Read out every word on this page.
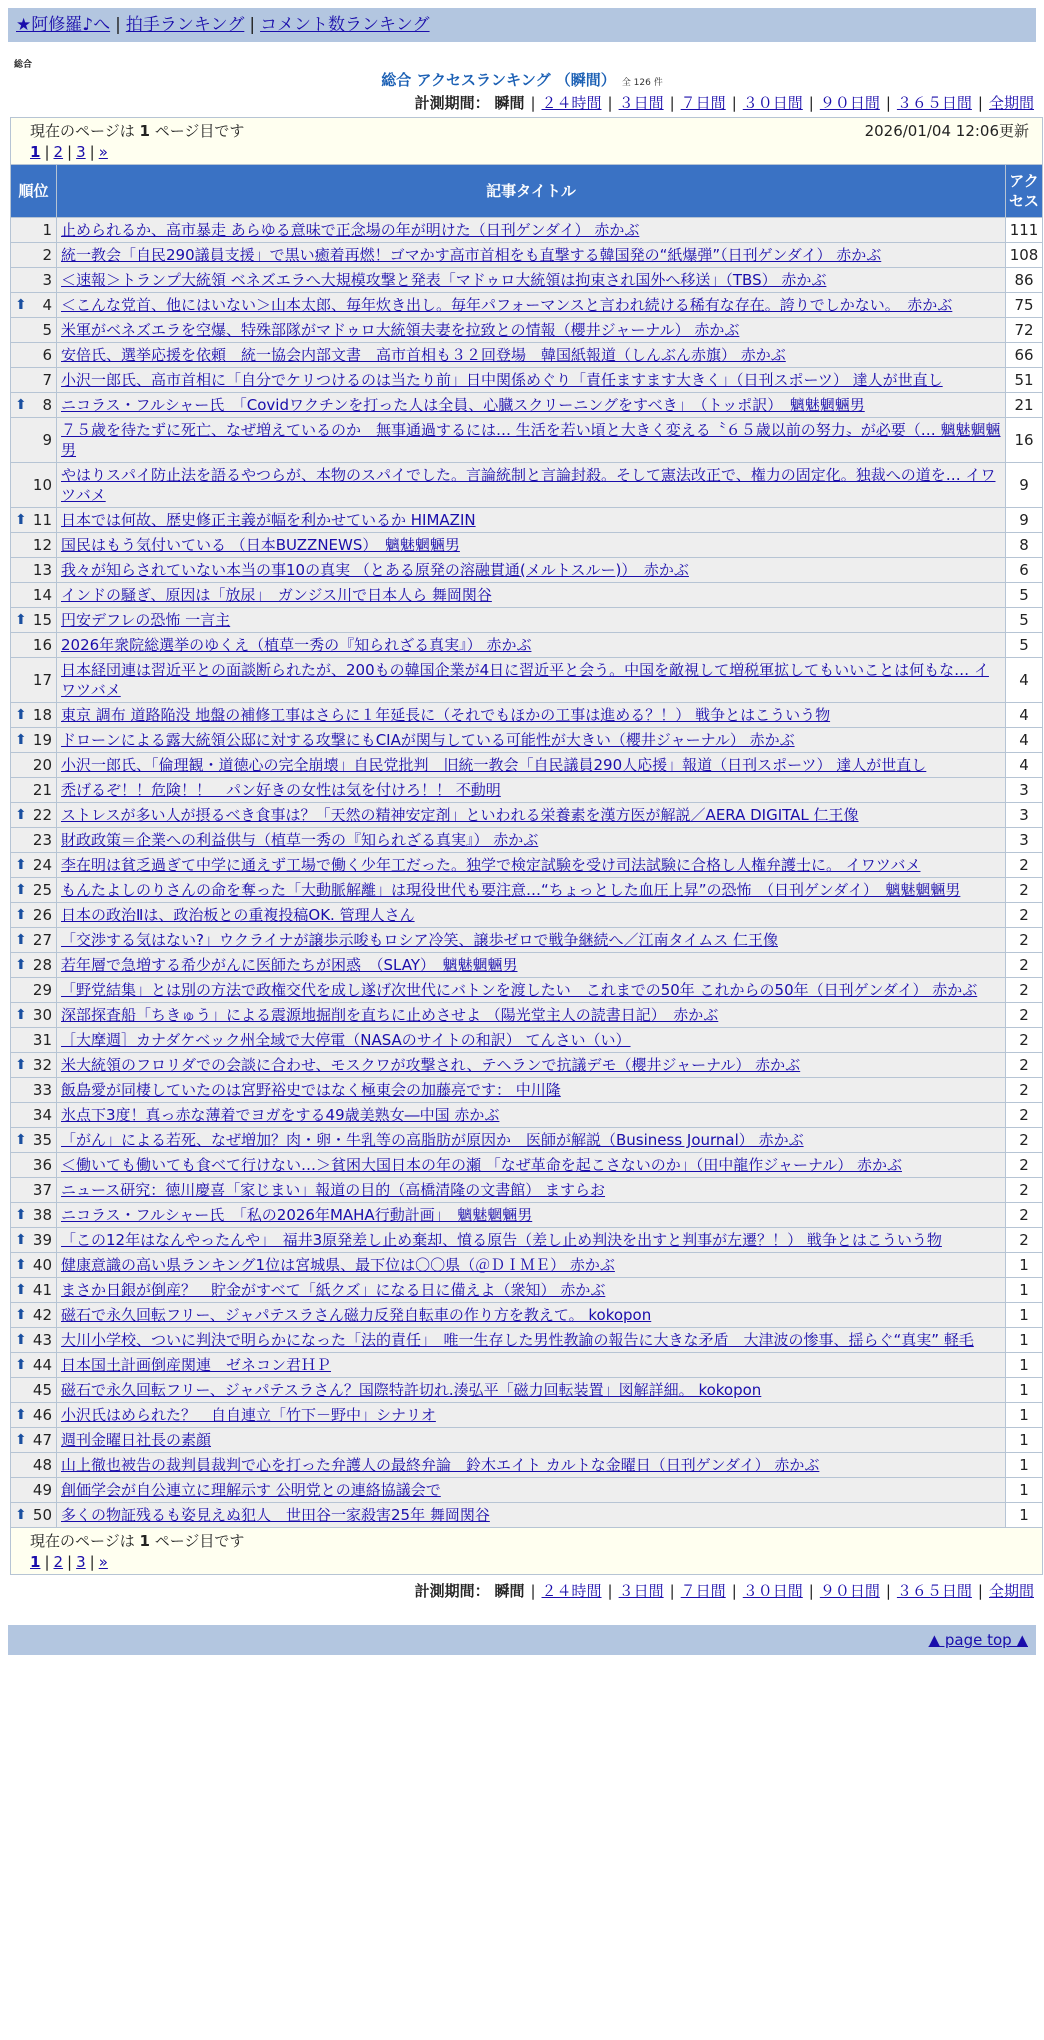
★阿修羅♪へ | 拍手ランキング | コメント数ランキング
総合
総合 アクセスランキング （瞬間） 全 126 件
計測期間： 瞬間 | ２４時間 | ３日間 | ７日間 | ３０日間 | ９０日間 | ３６５日間 | 全期間
現在のページは 1 ページ目です 2026/01/04 12:06更新
1 | 2 | 3 | »		

順位	記事タイトル	アクセス
1	止められるか、高市暴走 あらゆる意味で正念場の年が明けた（日刊ゲンダイ） 赤かぶ	111
2	統一教会「自民290議員支援」で黒い癒着再燃！ゴマかす高市首相をも直撃する韓国発の“紙爆弾”（日刊ゲンダイ） 赤かぶ	108
3	＜速報＞トランプ大統領 ベネズエラへ大規模攻撃と発表「マドゥロ大統領は拘束され国外へ移送」（TBS） 赤かぶ	86

⬆ 4	＜こんな党首、他にはいない＞山本太郎、毎年炊き出し。毎年パフォーマンスと言われ続ける稀有な存在。誇りでしかない。　赤かぶ	75
5	米軍がベネズエラを空爆、特殊部隊がマドゥロ大統領夫妻を拉致との情報（櫻井ジャーナル） 赤かぶ	72
6	安倍氏、選挙応援を依頼　統一協会内部文書　高市首相も３２回登場　韓国紙報道（しんぶん赤旗） 赤かぶ	66
7	小沢一郎氏、高市首相に「自分でケリつけるのは当たり前」日中関係めぐり「責任ますます大きく」（日刊スポーツ） 達人が世直し	51

⬆ 8	ニコラス・フルシャー氏　「Covidワクチンを打った人は全員、心臓スクリーニングをすべき」　（トッポ訳）　魑魅魍魎男	21
9	７５歳を待たずに死亡、なぜ増えているのか　無事通過するには… 生活を若い頃と大きく変える〝６５歳以前の努力〟が必要（… 魑魅魍魎男	16
10	やはりスパイ防止法を語るやつらが、本物のスパイでした。言論統制と言論封殺。そして憲法改正で、権力の固定化。独裁への道を… イワツバメ	9

⬆ 11	日本では何故、歴史修正主義が幅を利かせているか HIMAZIN	9
12	国民はもう気付いている （日本BUZZNEWS）　魑魅魍魎男	8
13	我々が知らされていない本当の事10の真実 （とある原発の溶融貫通(メルトスルー)）　赤かぶ	6
14	インドの騒ぎ、原因は「放尿」　ガンジス川で日本人ら 舞岡関谷	5

⬆ 15	円安デフレの恐怖 一言主	5
16	2026年衆院総選挙のゆくえ（植草一秀の『知られざる真実』） 赤かぶ	5
17	日本経団連は習近平との面談断られたが、200もの韓国企業が4日に習近平と会う。中国を敵視して増税軍拡してもいいことは何もな… イワツバメ	4

⬆ 18	東京 調布 道路陥没 地盤の補修工事はさらに１年延長に（それでもほかの工事は進める？！） 戦争とはこういう物	4

⬆ 19	ドローンによる露大統領公邸に対する攻撃にもCIAが関与している可能性が大きい（櫻井ジャーナル） 赤かぶ	4
20	小沢一郎氏、「倫理観・道徳心の完全崩壊」自民党批判　旧統一教会「自民議員290人応援」報道（日刊スポーツ） 達人が世直し	4
21	禿げるぞ！！危険！！　パン好きの女性は気を付けろ！！ 不動明	3

⬆ 22	ストレスが多い人が摂るべき食事は？「天然の精神安定剤」といわれる栄養素を漢方医が解説／AERA DIGITAL 仁王像	3
23	財政政策＝企業への利益供与（植草一秀の『知られざる真実』） 赤かぶ	3

⬆ 24	李在明は貧乏過ぎて中学に通えず工場で働く少年工だった。独学で検定試験を受け司法試験に合格し人権弁護士に。 イワツバメ	2

⬆ 25	もんたよしのりさんの命を奪った「大動脈解離」は現役世代も要注意…“ちょっとした血圧上昇”の恐怖　（日刊ゲンダイ）　魑魅魍魎男	2

⬆ 26	日本の政治Ⅱは、政治板との重複投稿OK. 管理人さん	2

⬆ 27	「交渉する気はない?」ウクライナが譲歩示唆もロシア冷笑、譲歩ゼロで戦争継続へ／江南タイムス 仁王像	2

⬆ 28	若年層で急増する希少がんに医師たちが困惑　（SLAY）　魑魅魍魎男	2
29	「野党結集」とは別の方法で政権交代を成し遂げ次世代にバトンを渡したい　これまでの50年 これからの50年（日刊ゲンダイ） 赤かぶ	2

⬆ 30	深部探査船「ちきゅう」による震源地掘削を直ちに止めさせよ （陽光堂主人の読書日記）　赤かぶ	2
31	［大摩週］カナダケベック州全域で大停電（NASAのサイトの和訳） てんさい（い）	2

⬆ 32	米大統領のフロリダでの会談に合わせ、モスクワが攻撃され、テヘランで抗議デモ（櫻井ジャーナル） 赤かぶ	2
33	飯島愛が同棲していたのは宮野裕史ではなく極東会の加藤亮です： 中川隆	2
34	氷点下3度！真っ赤な薄着でヨガをする49歳美熟女―中国 赤かぶ	2

⬆ 35	「がん」による若死、なぜ増加？肉・卵・牛乳等の高脂肪が原因か　医師が解説（Business Journal） 赤かぶ	2
36	＜働いても働いても食べて行けない…＞貧困大国日本の年の瀬 「なぜ革命を起こさないのか」（田中龍作ジャーナル） 赤かぶ	2
37	ニュース研究：徳川慶喜「家じまい」報道の目的（高橋清隆の文書館） ますらお	2

⬆ 38	ニコラス・フルシャー氏　「私の2026年MAHA行動計画」　魑魅魍魎男	2

⬆ 39	「この12年はなんやったんや」　福井3原発差し止め棄却、憤る原告（差し止め判決を出すと判事が左遷？！） 戦争とはこういう物	2

⬆ 40	健康意識の高い県ランキング1位は宮城県、最下位は〇〇県（＠ＤＩＭＥ） 赤かぶ	1

⬆ 41	まさか日銀が倒産？　貯金がすべて「紙クズ」になる日に備えよ（衆知） 赤かぶ	1

⬆ 42	磁石で永久回転フリー、ジャパテスラさん磁力反発自転車の作り方を教えて。 kokopon	1

⬆ 43	大川小学校、ついに判決で明らかになった「法的責任」　唯一生存した男性教諭の報告に大きな矛盾　大津波の惨事、揺らぐ“真実” 軽毛	1

⬆ 44	日本国土計画倒産関連　ゼネコン君ＨＰ	1
45	磁石で永久回転フリー、ジャパテスラさん？国際特許切れ.湊弘平「磁力回転装置」図解詳細。 kokopon	1

⬆ 46	小沢氏はめられた？　自自連立「竹下－野中」シナリオ	1

⬆ 47	週刊金曜日社長の素顔	1
48	山上徹也被告の裁判員裁判で心を打った弁護人の最終弁論　鈴木エイト カルトな金曜日（日刊ゲンダイ） 赤かぶ	1
49	創価学会が自公連立に理解示す 公明党との連絡協議会で	1

⬆ 50	多くの物証残るも姿見えぬ犯人　世田谷一家殺害25年 舞岡関谷	1

現在のページは 1 ページ目です
1 | 2 | 3 | »		
計測期間： 瞬間 | ２４時間 | ３日間 | ７日間 | ３０日間 | ９０日間 | ３６５日間 | 全期間
▲ page top ▲
